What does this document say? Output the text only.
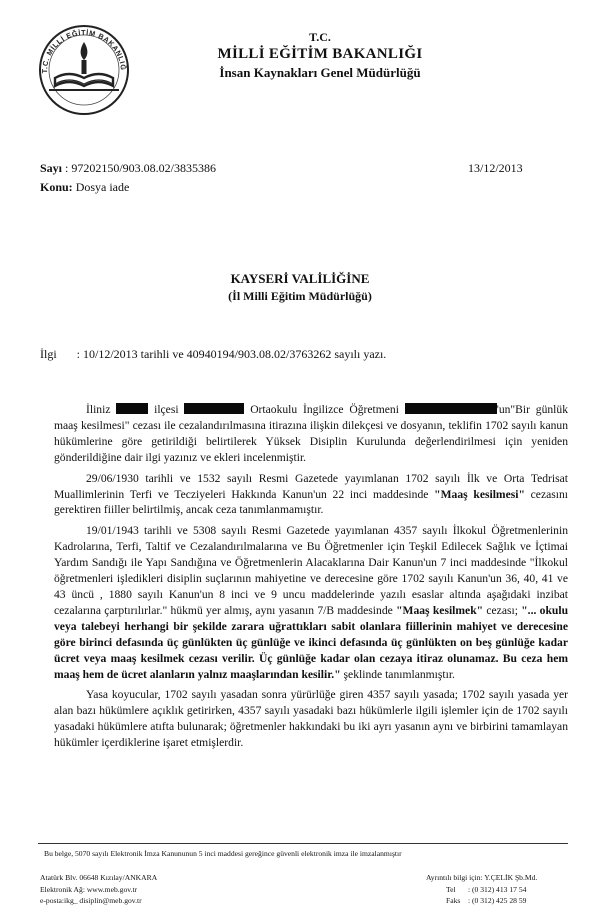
T.C. MİLLİ EĞİTİM BAKANLIĞ
T.C.
MİLLİ EĞİTİM BAKANLIĞI
İnsan Kaynakları Genel Müdürlüğü
Sayı : 97202150/903.08.02/3835386	13/12/2013
Konu: Dosya iade
KAYSERİ VALİLİĞİNE
(İl Milli Eğitim Müdürlüğü)
İlgi : 10/12/2013 tarihli ve 40940194/903.08.02/3763262 sayılı yazı.

İliniz	ilçesi	Ortaokulu İngilizce Öğretmeni	'un"Bir günlük maaş kesilmesi" cezası ile cezalandırılmasına itirazına ilişkin dilekçesi ve dosyanın, teklifin 1702 sayılı kanun hükümlerine göre getirildiği belirtilerek Yüksek Disiplin Kurulunda değerlendirilmesi için yeniden gönderildiğine dair ilgi yazınız ve ekleri incelenmiştir.

29/06/1930 tarihli ve 1532 sayılı Resmi Gazetede yayımlanan 1702 sayılı İlk ve Orta Tedrisat Muallimlerinin Terfi ve Tecziyeleri Hakkında Kanun'un 22 inci maddesinde "Maaş kesilmesi" cezasını gerektiren fiiller belirtilmiş, ancak ceza tanımlanmamıştır.

19/01/1943 tarihli ve 5308 sayılı Resmi Gazetede yayımlanan 4357 sayılı İlkokul Öğretmenlerinin Kadrolarına, Terfi, Taltif ve Cezalandırılmalarına ve Bu Öğretmenler için Teşkil Edilecek Sağlık ve İçtimai Yardım Sandığı ile Yapı Sandığına ve Öğretmenlerin Alacaklarına Dair Kanun'un 7 inci maddesinde "İlkokul öğretmenleri işledikleri disiplin suçlarının mahiyetine ve derecesine göre 1702 sayılı Kanun'un 36, 40, 41 ve 43 üncü , 1880 sayılı Kanun'un 8 inci ve 9 uncu maddelerinde yazılı esaslar altında aşağıdaki inzibat cezalarına çarptırılırlar." hükmü yer almış, aynı yasanın 7/B maddesinde "Maaş kesilmek" cezası; "... okulu veya talebeyi herhangi bir şekilde zarara uğrattıkları sabit olanlara fiillerinin mahiyet ve derecesine göre birinci defasında üç günlükten üç günlüğe ve ikinci defasında üç günlükten on beş günlüğe kadar ücret veya maaş kesilmek cezası verilir. Üç günlüğe kadar olan cezaya itiraz olunamaz. Bu ceza hem maaş hem de ücret alanların yalnız maaşlarından kesilir." şeklinde tanımlanmıştır.

Yasa koyucular, 1702 sayılı yasadan sonra yürürlüğe giren 4357 sayılı yasada; 1702 sayılı yasada yer alan bazı hükümlere açıklık getirirken, 4357 sayılı yasadaki bazı hükümlerle ilgili işlemler için de 1702 sayılı yasadaki hükümlere atıfta bulunarak; öğretmenler hakkındaki bu iki ayrı yasanın aynı ve birbirini tamamlayan hükümler içerdiklerine işaret etmişlerdir.

Bu belge, 5070 sayılı Elektronik İmza Kanununun 5 inci maddesi gereğince güvenli elektronik imza ile imzalanmıştır
Atatürk Blv. 06648 Kızılay/ANKARA
Elektronik Ağ: www.meb.gov.tr
e-posta:ikg_ disiplin@meb.gov.tr
Ayrıntılı bilgi için: Y.ÇELİK Şb.Md.
Tel : (0 312) 413 17 54
Faks : (0 312) 425 28 59
